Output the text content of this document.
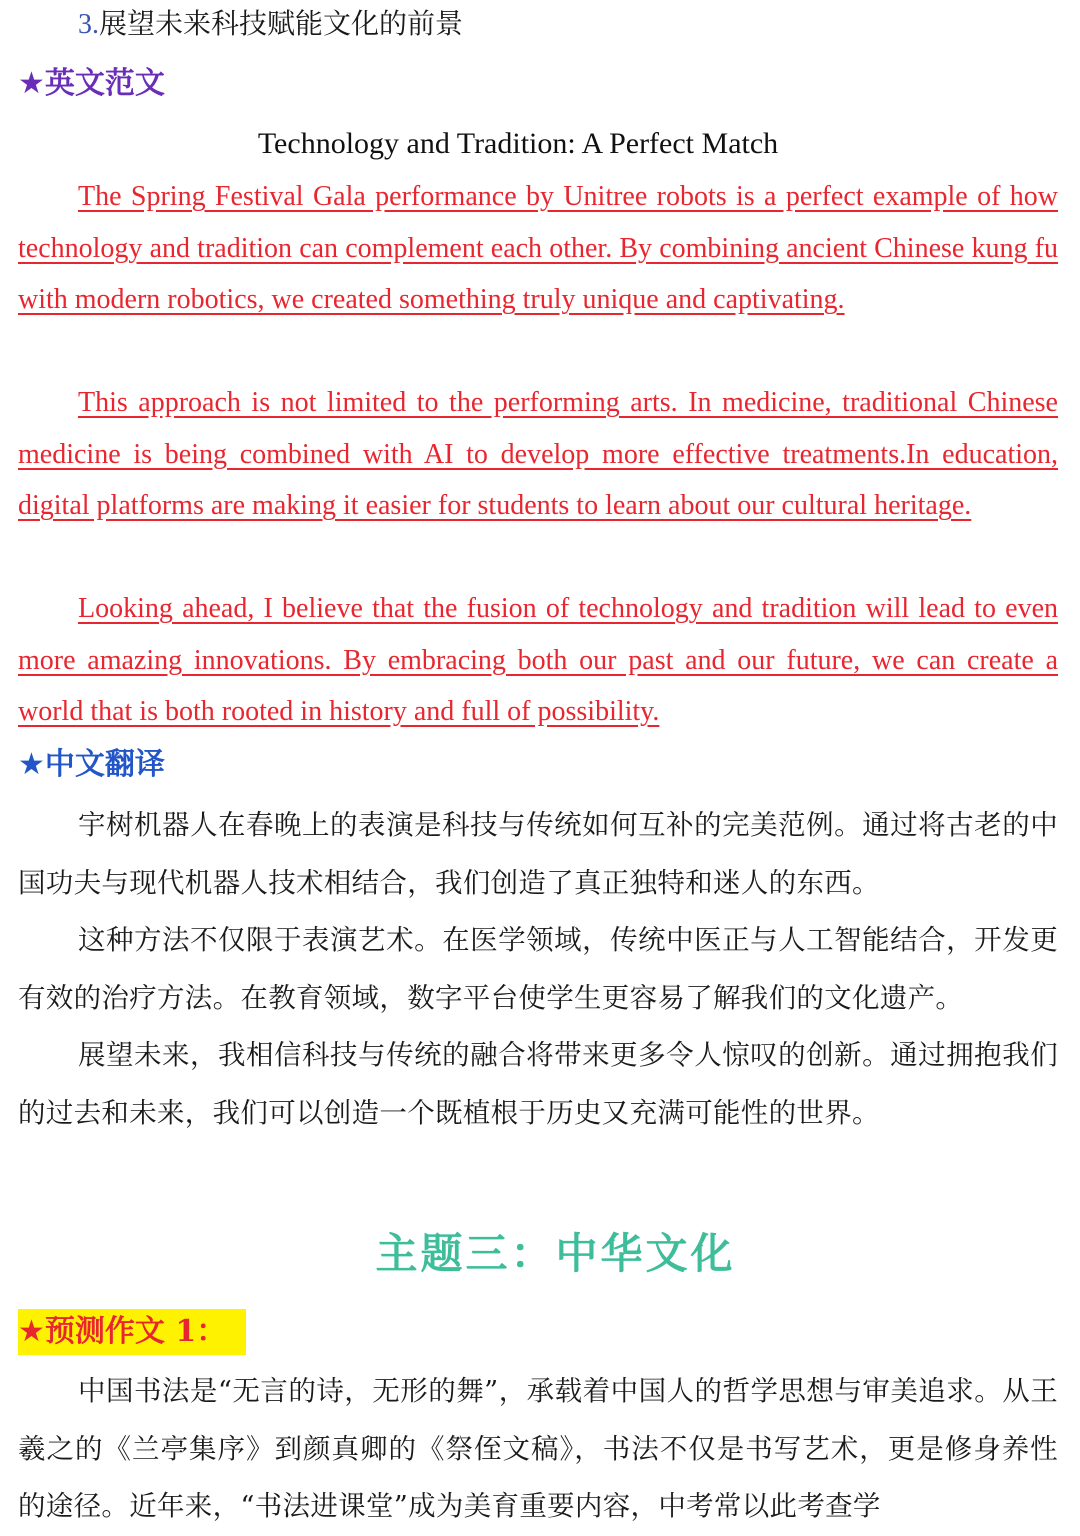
3.展望未来科技赋能文化的前景
★英文范文
Technology and Tradition: A Perfect Match

The Spring Festival Gala performance by Unitree robots is a perfect example of how technology and tradition can complement each other. By combining ancient Chinese kung fu with modern robotics, we created something truly unique and captivating.

This approach is not limited to the performing arts. In medicine, traditional Chinese medicine is being combined with AI to develop more effective treatments.In education, digital platforms are making it easier for students to learn about our cultural heritage.

Looking ahead, I believe that the fusion of technology and tradition will lead to even more amazing innovations. By embracing both our past and our future, we can create a world that is both rooted in history and full of possibility.

★中文翻译

宇树机器人在春晚上的表演是科技与传统如何互补的完美范例。通过将古老的中国功夫与现代机器人技术相结合，我们创造了真正独特和迷人的东西。

这种方法不仅限于表演艺术。在医学领域，传统中医正与人工智能结合，开发更有效的治疗方法。在教育领域，数字平台使学生更容易了解我们的文化遗产。

展望未来，我相信科技与传统的融合将带来更多令人惊叹的创新。通过拥抱我们的过去和未来，我们可以创造一个既植根于历史又充满可能性的世界。

主题三：中华文化
★预测作文 1：

中国书法是“无言的诗，无形的舞”，承载着中国人的哲学思想与审美追求。从王羲之的《兰亭集序》到颜真卿的《祭侄文稿》，书法不仅是书写艺术，更是修身养性的途径。近年来，“书法进课堂”成为美育重要内容，中考常以此考查学
